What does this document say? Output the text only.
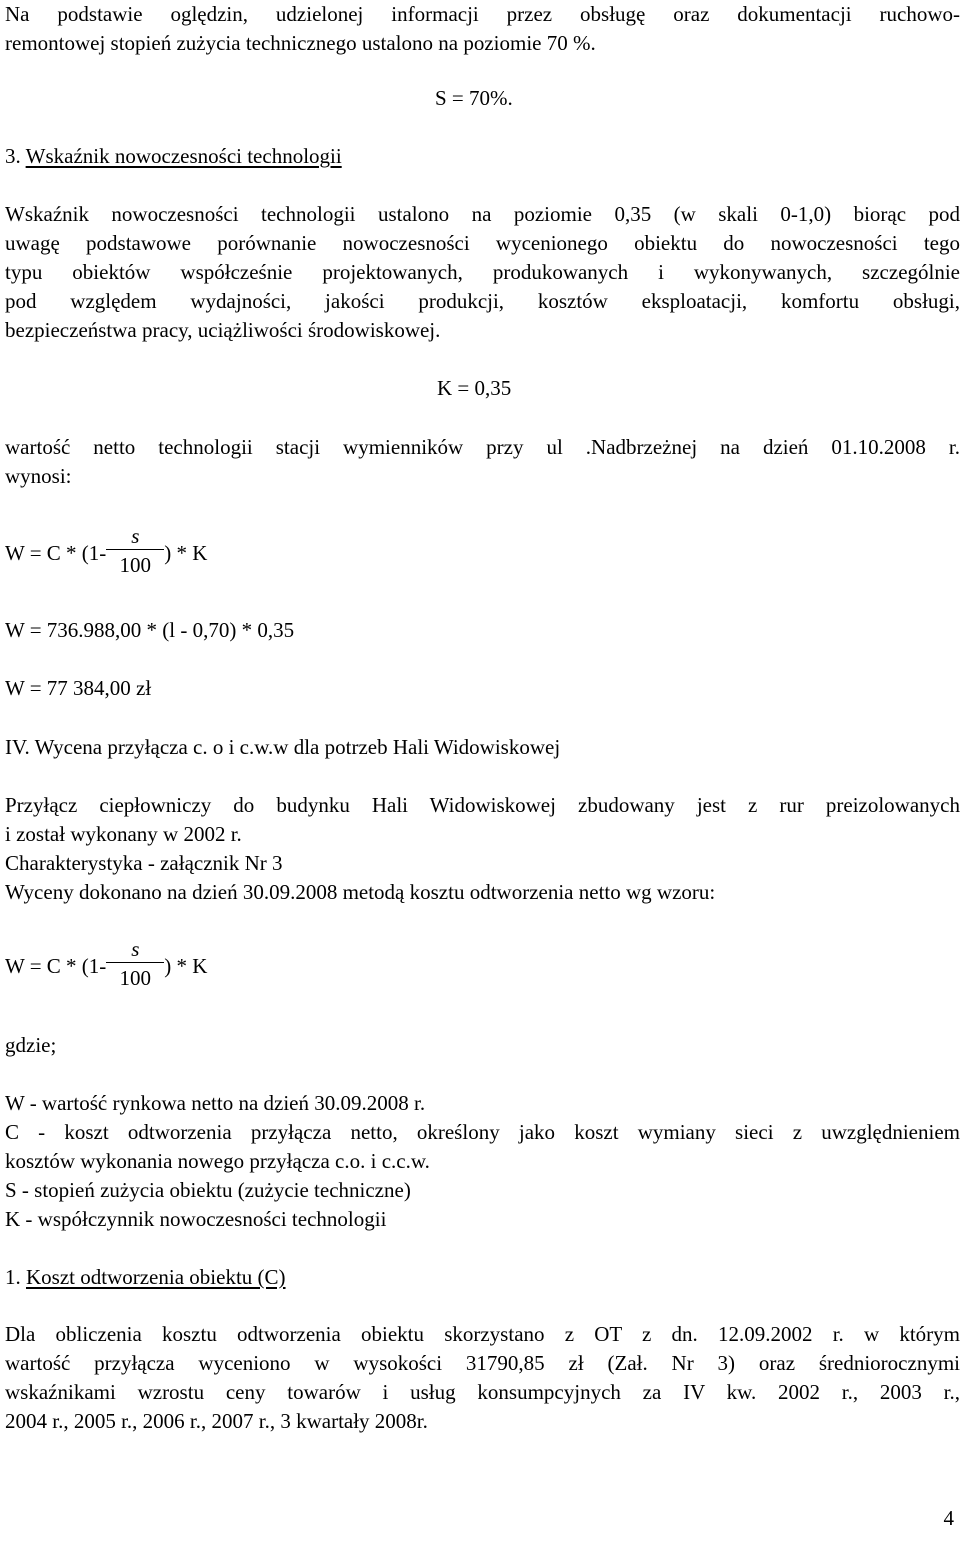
Na podstawie oględzin, udzielonej informacji przez obsługę oraz dokumentacji ruchowo-
remontowej stopień zużycia technicznego ustalono na poziomie 70 %.
S = 70%.
3. Wskaźnik nowoczesności technologii
Wskaźnik nowoczesności technologii ustalono na poziomie 0,35 (w skali 0-1,0) biorąc pod
uwagę podstawowe porównanie nowoczesności wycenionego obiektu do nowoczesności tego
typu obiektów współcześnie projektowanych, produkowanych i wykonywanych, szczególnie
pod względem wydajności, jakości produkcji, kosztów eksploatacji, komfortu obsługi,
bezpieczeństwa pracy, uciążliwości środowiskowej.
K = 0,35
wartość netto technologii stacji wymienników przy ul .Nadbrzeżnej na dzień 01.10.2008 r.
wynosi:
$W = C * (1- \frac{s}{100}$ ) * K
W = 736.988,00 * (l - 0,70) * 0,35
W = 77 384,00 zł
IV. Wycena przyłącza c. o i c.w.w dla potrzeb Hali Widowiskowej
Przyłącz ciepłowniczy do budynku Hali Widowiskowej zbudowany jest z rur preizolowanych
i został wykonany w 2002 r.
Charakterystyka - załącznik Nr 3
Wyceny dokonano na dzień 30.09.2008 metodą kosztu odtworzenia netto wg wzoru:
$W = C * (1- \frac{s}{100}$ ) * K
gdzie;
W - wartość rynkowa netto na dzień 30.09.2008 r.
C - koszt odtworzenia przyłącza netto, określony jako koszt wymiany sieci z uwzględnieniem
kosztów wykonania nowego przyłącza c.o. i c.c.w.
S - stopień zużycia obiektu (zużycie techniczne)
K - współczynnik nowoczesności technologii
1. Koszt odtworzenia obiektu (C)
Dla obliczenia kosztu odtworzenia obiektu skorzystano z OT z dn. 12.09.2002 r. w którym
wartość przyłącza wyceniono w wysokości 31790,85 zł (Zał. Nr 3) oraz średniorocznymi
wskaźnikami wzrostu ceny towarów i usług konsumpcyjnych za IV kw. 2002 r., 2003 r.,
2004 r., 2005 r., 2006 r., 2007 r., 3 kwartały 2008r.
4
